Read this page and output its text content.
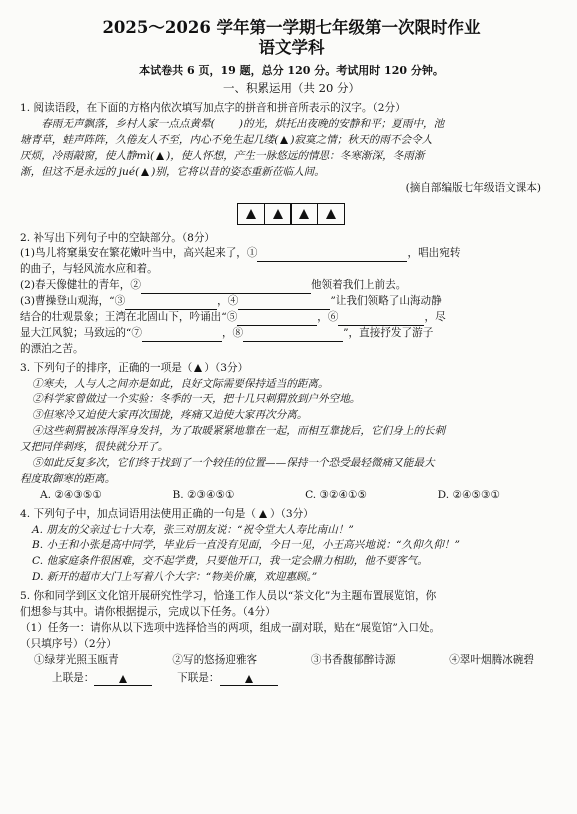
2025～2026 学年第一学期七年级第一次限时作业

语文学科

本试卷共 6 页，19 题，总分 120 分。考试用时 120 分钟。

一、积累运用（共 20 分）

1. 阅读语段，在下面的方格内依次填写加点字的拼音和拼音所表示的汉字。（2分）

春雨无声飘落，乡村人家一点点黄晕( )的光，烘托出夜晚的安静和平；夏雨中，池
塘青草，蛙声阵阵，久倦友人不至，内心不免生起几缕( )寂寞之情；秋天的雨不会令人
厌烦，冷雨敲窗，使人静mì( )，使人怀想，产生一脉悠远的情思：冬寒渐深，冬雨渐
渐，但这不是永远的 jué( )别，它将以昔的姿态重新莅临人间。

(摘自部编版七年级语文课本)

2. 补写出下列句子中的空缺部分。（8分）

(1)鸟儿将窠巢安在繁花嫩叶当中，高兴起来了，①	，唱出宛转

的曲子，与轻风流水应和着。

(2)春天像健壮的青年，②	他领着我们上前去。

(3)曹操登山观海，“③	，④	”让我们领略了山海动静

结合的壮观景象；王湾在北固山下，吟诵出“⑤	，⑥	，尽

显大江风貌；马致远的“⑦	，⑧	”，直接抒发了游子

的漂泊之苦。

3. 下列句子的排序，正确的一项是（ ）（3分）

①寒夫，人与人之间亦是如此，良好文际需要保持适当的距离。

②科学家曾做过一个实验：冬季的一天，把十几只刺猬放到户外空地。

③但寒冷又迫使大家再次围拢，疼痛又迫使大家再次分离。

④这些刺猬被冻得浑身发抖，为了取暖紧紧地靠在一起，而相互靠拢后，它们身上的长刺

又把同伴刺疼，很快就分开了。

⑤如此反复多次，它们终于找到了一个较佳的位置——保持一个恐受最轻微痛又能最大

程度取御寒的距离。

A. ②④③⑤①	B. ②③④⑤①	C. ③②④①⑤	D. ②④⑤③①

4. 下列句子中，加点词语用法使用正确的一句是（ ）（3分）

A. 朋友的父亲过七十大寿，张三对朋友说：“祝令堂大人寿比南山！”

B. 小王和小张是高中同学，毕业后一直没有见面，今日一见，小王高兴地说：“久仰久仰！”

C. 他家庭条件很困难，交不起学费，只要他开口，我一定会鼎力相助，他不要客气。

D. 新开的超市大门上写着八个大字：“物美价廉，欢迎惠顾。”

5. 你和同学到区文化馆开展研究性学习，恰逢工作人员以“茶文化”为主题布置展览馆，你

们想参与其中。请你根据提示，完成以下任务。（4分）

（1）任务一：请你从以下选项中选择恰当的两项，组成一副对联，贴在“展览馆”入口处。

（只填序号）（2分）

①绿芽光照玉瓯青	②写的悠扬迎雅客	③书香馥郁醉诗源	④翠叶烟腾冰碗碧

上联是：	下联是：
